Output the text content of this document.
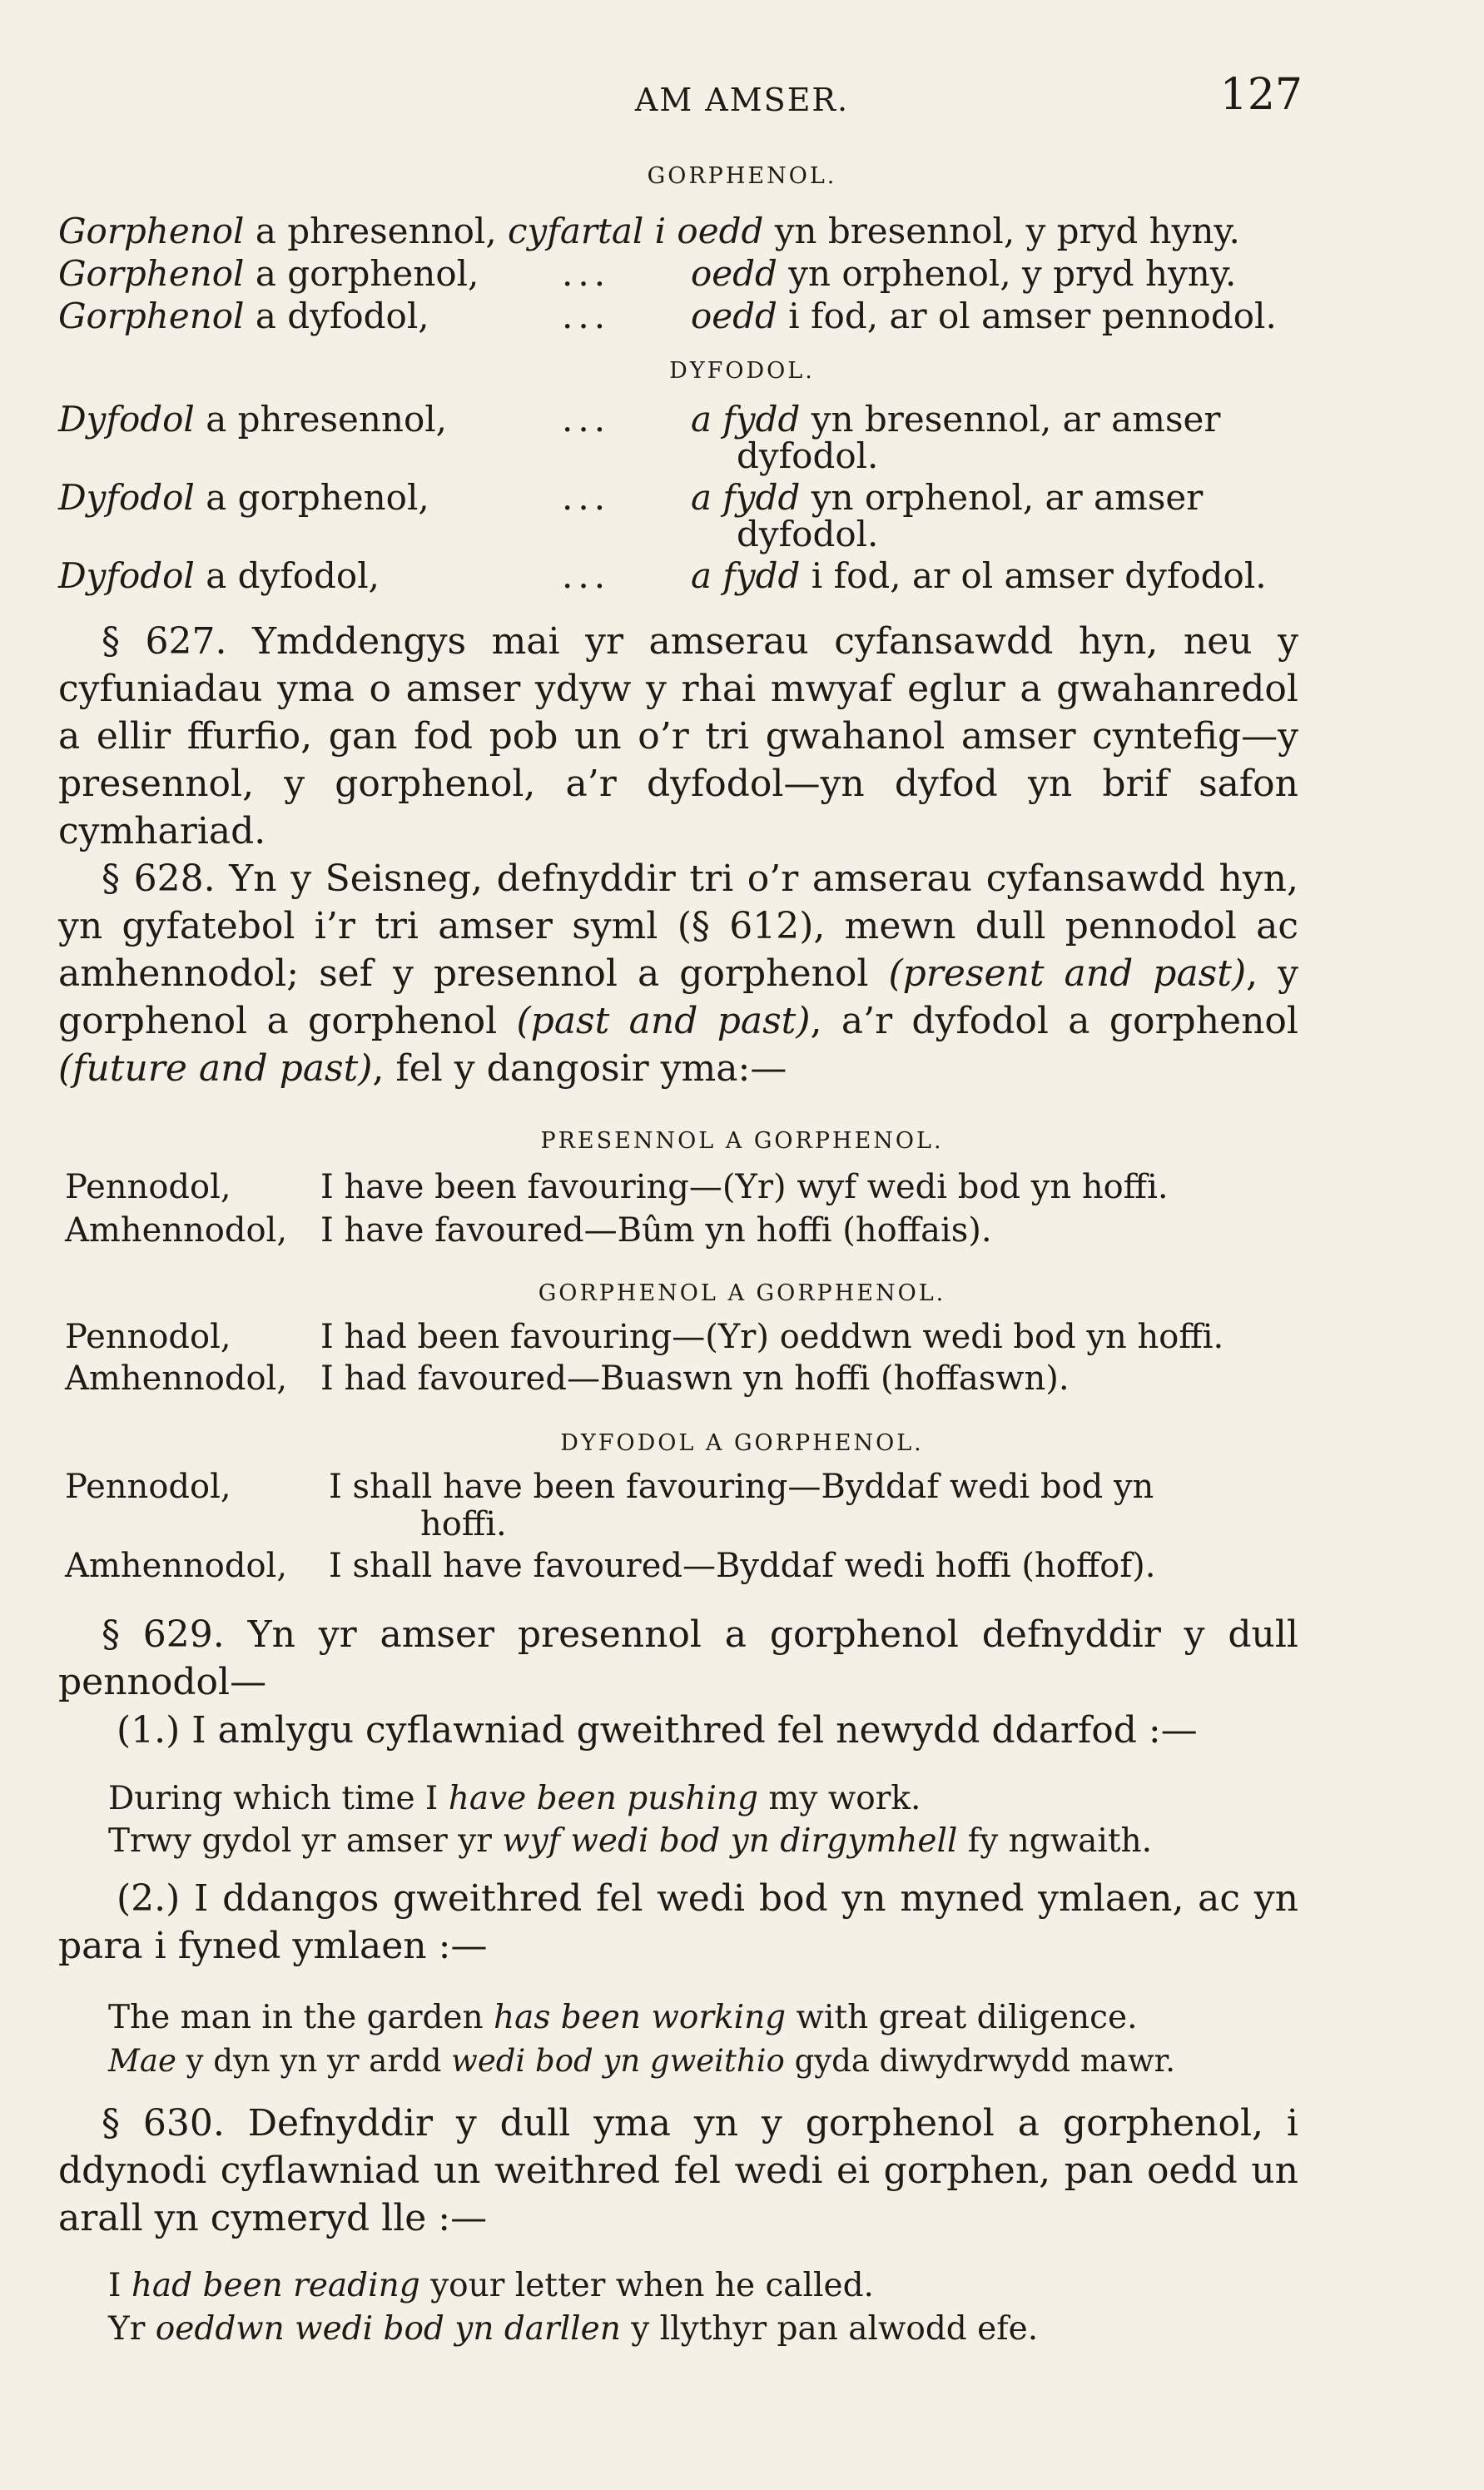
AM AMSER.	127
GORPHENOL.
Gorphenol a phresennol, cyfartal i oedd yn bresennol, y pryd hyny.
Gorphenol a gorphenol, ... oedd yn orphenol, y pryd hyny.
Gorphenol a dyfodol,	... oedd i fod, ar ol amser pennodol.
DYFODOL.
Dyfodol a phresennol,	... a fydd yn bresennol, ar amser
dyfodol.
Dyfodol a gorphenol,	... a fydd yn orphenol, ar amser
dyfodol.
Dyfodol a dyfodol,	... a fydd i fod, ar ol amser dyfodol.
§ 627. Ymddengys mai yr amserau cyfansawdd hyn, neu y cyfuniadau yma o amser ydyw y rhai mwyaf eglur a gwahanredol a ellir ffurfio, gan fod pob un o’r tri gwahanol amser cyntefig—y presennol, y gorphenol, a’r dyfodol—yn dyfod yn brif safon cymhariad.
§ 628. Yn y Seisneg, defnyddir tri o’r amserau cyfansawdd hyn, yn gyfatebol i’r tri amser syml (§ 612), mewn dull pennodol ac amhennodol; sef y presennol a gorphenol (present and past), y gorphenol a gorphenol (past and past), a’r dyfodol a gorphenol (future and past), fel y dangosir yma:—
PRESENNOL A GORPHENOL.
Pennodol,	I have been favouring—(Yr) wyf wedi bod yn hoffi.
Amhennodol, I have favoured—Bûm yn hoffi (hoffais).
GORPHENOL A GORPHENOL.
Pennodol,	I had been favouring—(Yr) oeddwn wedi bod yn hoffi.
Amhennodol, I had favoured—Buaswn yn hoffi (hoffaswn).
DYFODOL A GORPHENOL.
Pennodol,	I shall have been favouring—Byddaf wedi bod yn
hoffi.
Amhennodol, I shall have favoured—Byddaf wedi hoffi (hoffof).
§ 629. Yn yr amser presennol a gorphenol defnyddir y dull pennodol—
(1.) I amlygu cyflawniad gweithred fel newydd ddarfod :—
During which time I have been pushing my work.
Trwy gydol yr amser yr wyf wedi bod yn dirgymhell fy ngwaith.
(2.) I ddangos gweithred fel wedi bod yn myned ymlaen, ac yn para i fyned ymlaen :—
The man in the garden has been working with great diligence.
Mae y dyn yn yr ardd wedi bod yn gweithio gyda diwydrwydd mawr.
§ 630. Defnyddir y dull yma yn y gorphenol a gorphenol, i ddynodi cyflawniad un weithred fel wedi ei gorphen, pan oedd un arall yn cymeryd lle :—
I had been reading your letter when he called.
Yr oeddwn wedi bod yn darllen y llythyr pan alwodd efe.
